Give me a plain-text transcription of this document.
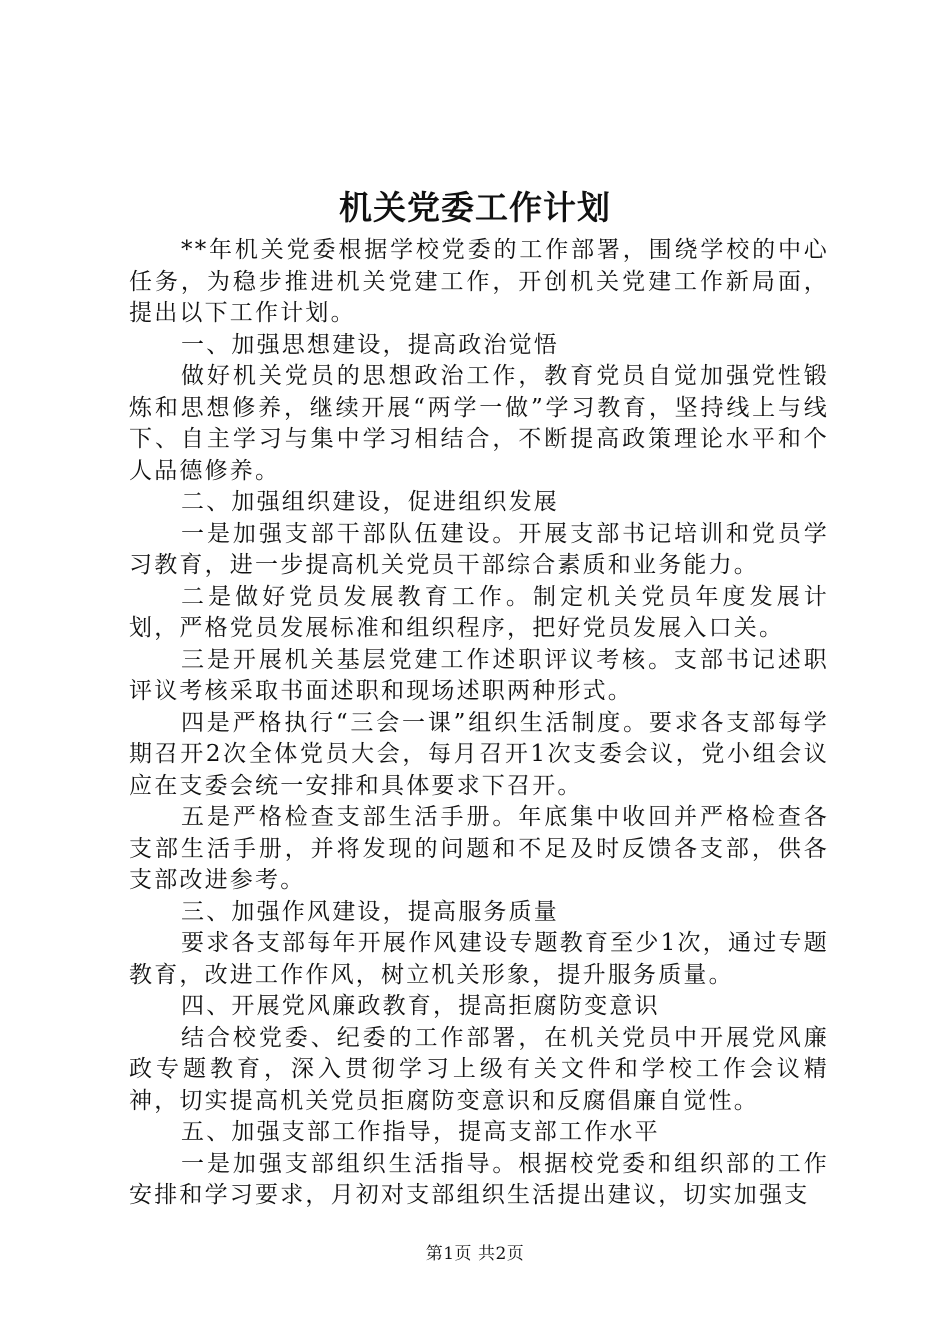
机关党委工作计划

**年机关党委根据学校党委的工作部署，围绕学校的中心任务，为稳步推进机关党建工作，开创机关党建工作新局面，提出以下工作计划。

一、加强思想建设，提高政治觉悟

做好机关党员的思想政治工作，教育党员自觉加强党性锻炼和思想修养，继续开展“两学一做”学习教育，坚持线上与线下、自主学习与集中学习相结合，不断提高政策理论水平和个人品德修养。

二、加强组织建设，促进组织发展

一是加强支部干部队伍建设。开展支部书记培训和党员学习教育，进一步提高机关党员干部综合素质和业务能力。

二是做好党员发展教育工作。制定机关党员年度发展计划，严格党员发展标准和组织程序，把好党员发展入口关。

三是开展机关基层党建工作述职评议考核。支部书记述职评议考核采取书面述职和现场述职两种形式。

四是严格执行“三会一课”组织生活制度。要求各支部每学期召开2次全体党员大会，每月召开1次支委会议，党小组会议应在支委会统一安排和具体要求下召开。

五是严格检查支部生活手册。年底集中收回并严格检查各支部生活手册，并将发现的问题和不足及时反馈各支部，供各支部改进参考。

三、加强作风建设，提高服务质量

要求各支部每年开展作风建设专题教育至少1次，通过专题教育，改进工作作风，树立机关形象，提升服务质量。

四、开展党风廉政教育，提高拒腐防变意识

结合校党委、纪委的工作部署，在机关党员中开展党风廉政专题教育，深入贯彻学习上级有关文件和学校工作会议精神，切实提高机关党员拒腐防变意识和反腐倡廉自觉性。

五、加强支部工作指导，提高支部工作水平

一是加强支部组织生活指导。根据校党委和组织部的工作安排和学习要求，月初对支部组织生活提出建议，切实加强支

第1页 共2页
